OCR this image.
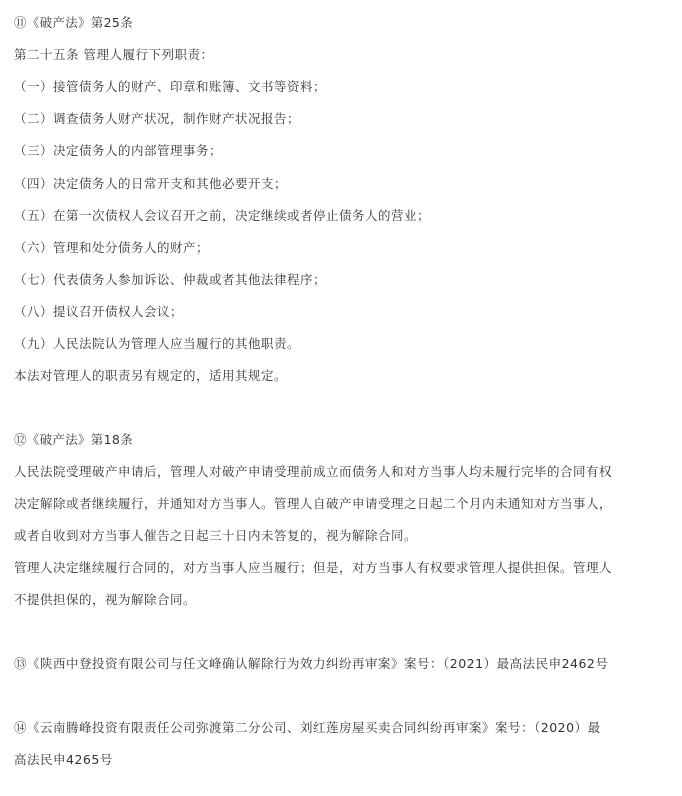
⑪《破产法》第25条
第二十五条 管理人履行下列职责：
（一）接管债务人的财产、印章和账簿、文书等资料；
（二）调查债务人财产状况，制作财产状况报告；
（三）决定债务人的内部管理事务；
（四）决定债务人的日常开支和其他必要开支；
（五）在第一次债权人会议召开之前，决定继续或者停止债务人的营业；
（六）管理和处分债务人的财产；
（七）代表债务人参加诉讼、仲裁或者其他法律程序；
（八）提议召开债权人会议；
（九）人民法院认为管理人应当履行的其他职责。
本法对管理人的职责另有规定的，适用其规定。
⑫《破产法》第18条
人民法院受理破产申请后，管理人对破产申请受理前成立而债务人和对方当事人均未履行完毕的合同有权
决定解除或者继续履行，并通知对方当事人。管理人自破产申请受理之日起二个月内未通知对方当事人，
或者自收到对方当事人催告之日起三十日内未答复的，视为解除合同。
管理人决定继续履行合同的，对方当事人应当履行；但是，对方当事人有权要求管理人提供担保。管理人
不提供担保的，视为解除合同。
⑬《陕西中登投资有限公司与任文峰确认解除行为效力纠纷再审案》案号：（2021）最高法民申2462号
⑭《云南腾峰投资有限责任公司弥渡第二分公司、刘红莲房屋买卖合同纠纷再审案》案号：（2020）最
高法民申4265号
